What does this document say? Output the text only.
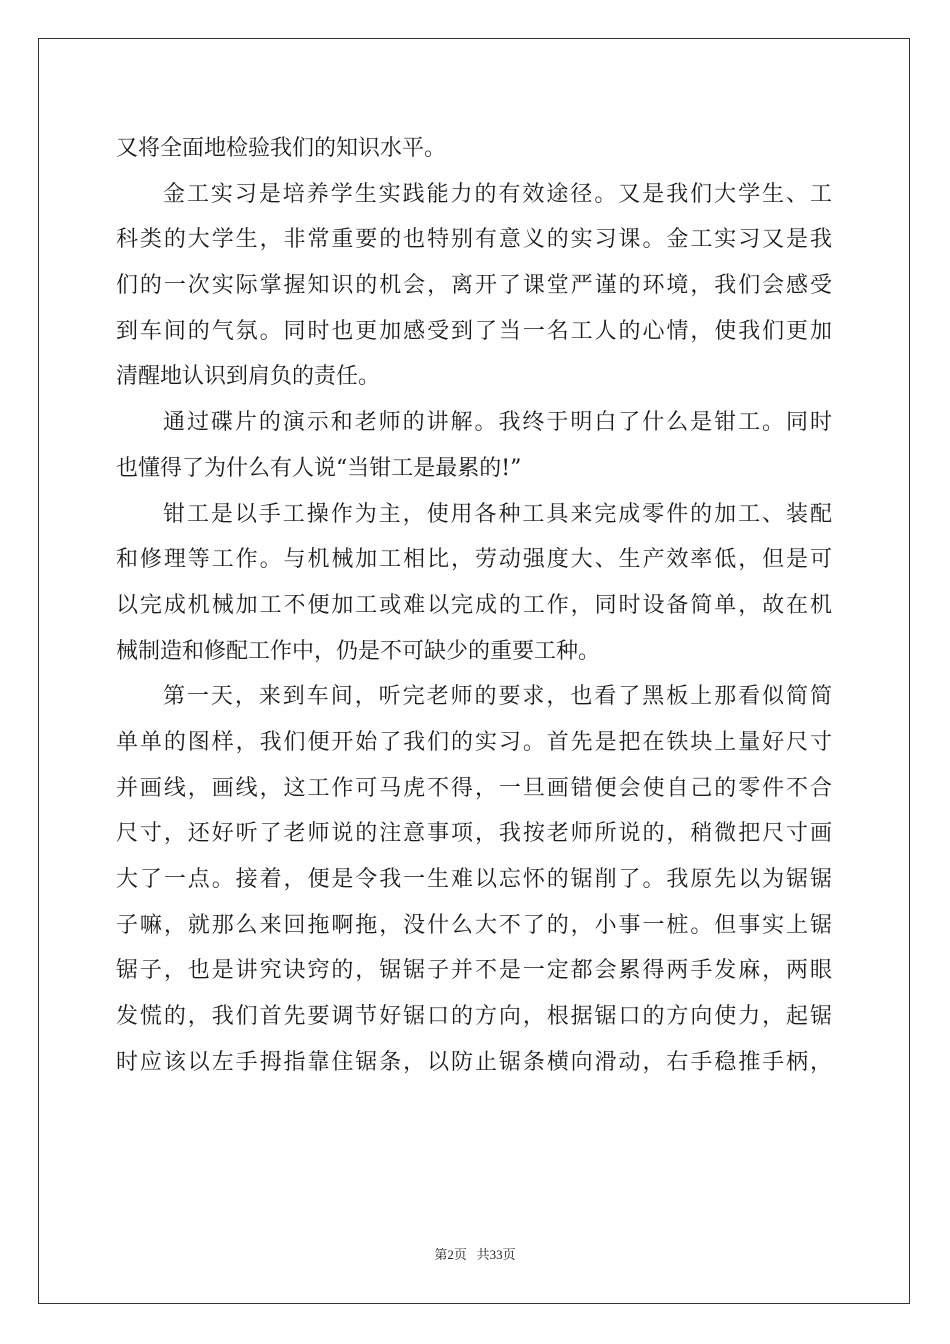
又将全面地检验我们的知识水平。
金工实习是培养学生实践能力的有效途径。又是我们大学生、工
科类的大学生，非常重要的也特别有意义的实习课。金工实习又是我
们的一次实际掌握知识的机会，离开了课堂严谨的环境，我们会感受
到车间的气氛。同时也更加感受到了当一名工人的心情，使我们更加
清醒地认识到肩负的责任。
通过碟片的演示和老师的讲解。我终于明白了什么是钳工。同时
也懂得了为什么有人说“当钳工是最累的!”
钳工是以手工操作为主，使用各种工具来完成零件的加工、装配
和修理等工作。与机械加工相比，劳动强度大、生产效率低，但是可
以完成机械加工不便加工或难以完成的工作，同时设备简单，故在机
械制造和修配工作中，仍是不可缺少的重要工种。
第一天，来到车间，听完老师的要求，也看了黑板上那看似简简
单单的图样，我们便开始了我们的实习。首先是把在铁块上量好尺寸
并画线，画线，这工作可马虎不得，一旦画错便会使自己的零件不合
尺寸，还好听了老师说的注意事项，我按老师所说的，稍微把尺寸画
大了一点。接着，便是令我一生难以忘怀的锯削了。我原先以为锯锯
子嘛，就那么来回拖啊拖，没什么大不了的，小事一桩。但事实上锯
锯子，也是讲究诀窍的，锯锯子并不是一定都会累得两手发麻，两眼
发慌的，我们首先要调节好锯口的方向，根据锯口的方向使力，起锯
时应该以左手拇指靠住锯条，以防止锯条横向滑动，右手稳推手柄，
第2页   共33页
